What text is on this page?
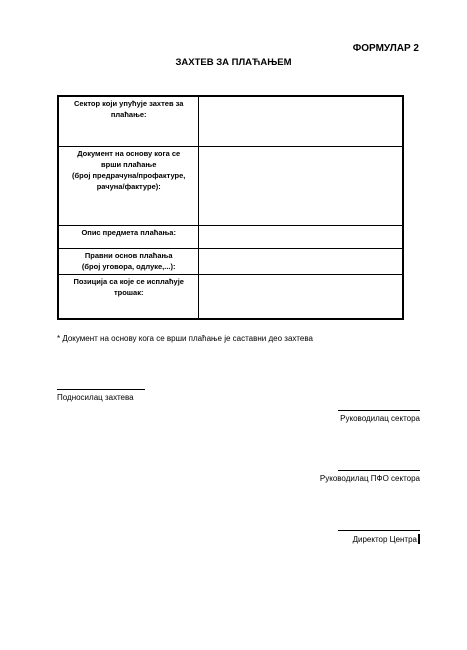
ФОРМУЛАР 2
ЗАХТЕВ ЗА ПЛАЋАЊЕМ
Сектор који упућује захтев за
плаћање:	

Документ на основу кога се
врши плаћање
(број предрачуна/профактуре,
рачуна/фактуре):	

Опис предмета плаћања:	

Правни основ плаћања
(број уговора, одлуке,...):	

Позиција са које се исплаћује
трошак:	

* Документ на основу кога се врши плаћање је саставни део захтева
Подносилац захтева
Руководилац сектора
Руководилац ПФО сектора
Директор Центра
